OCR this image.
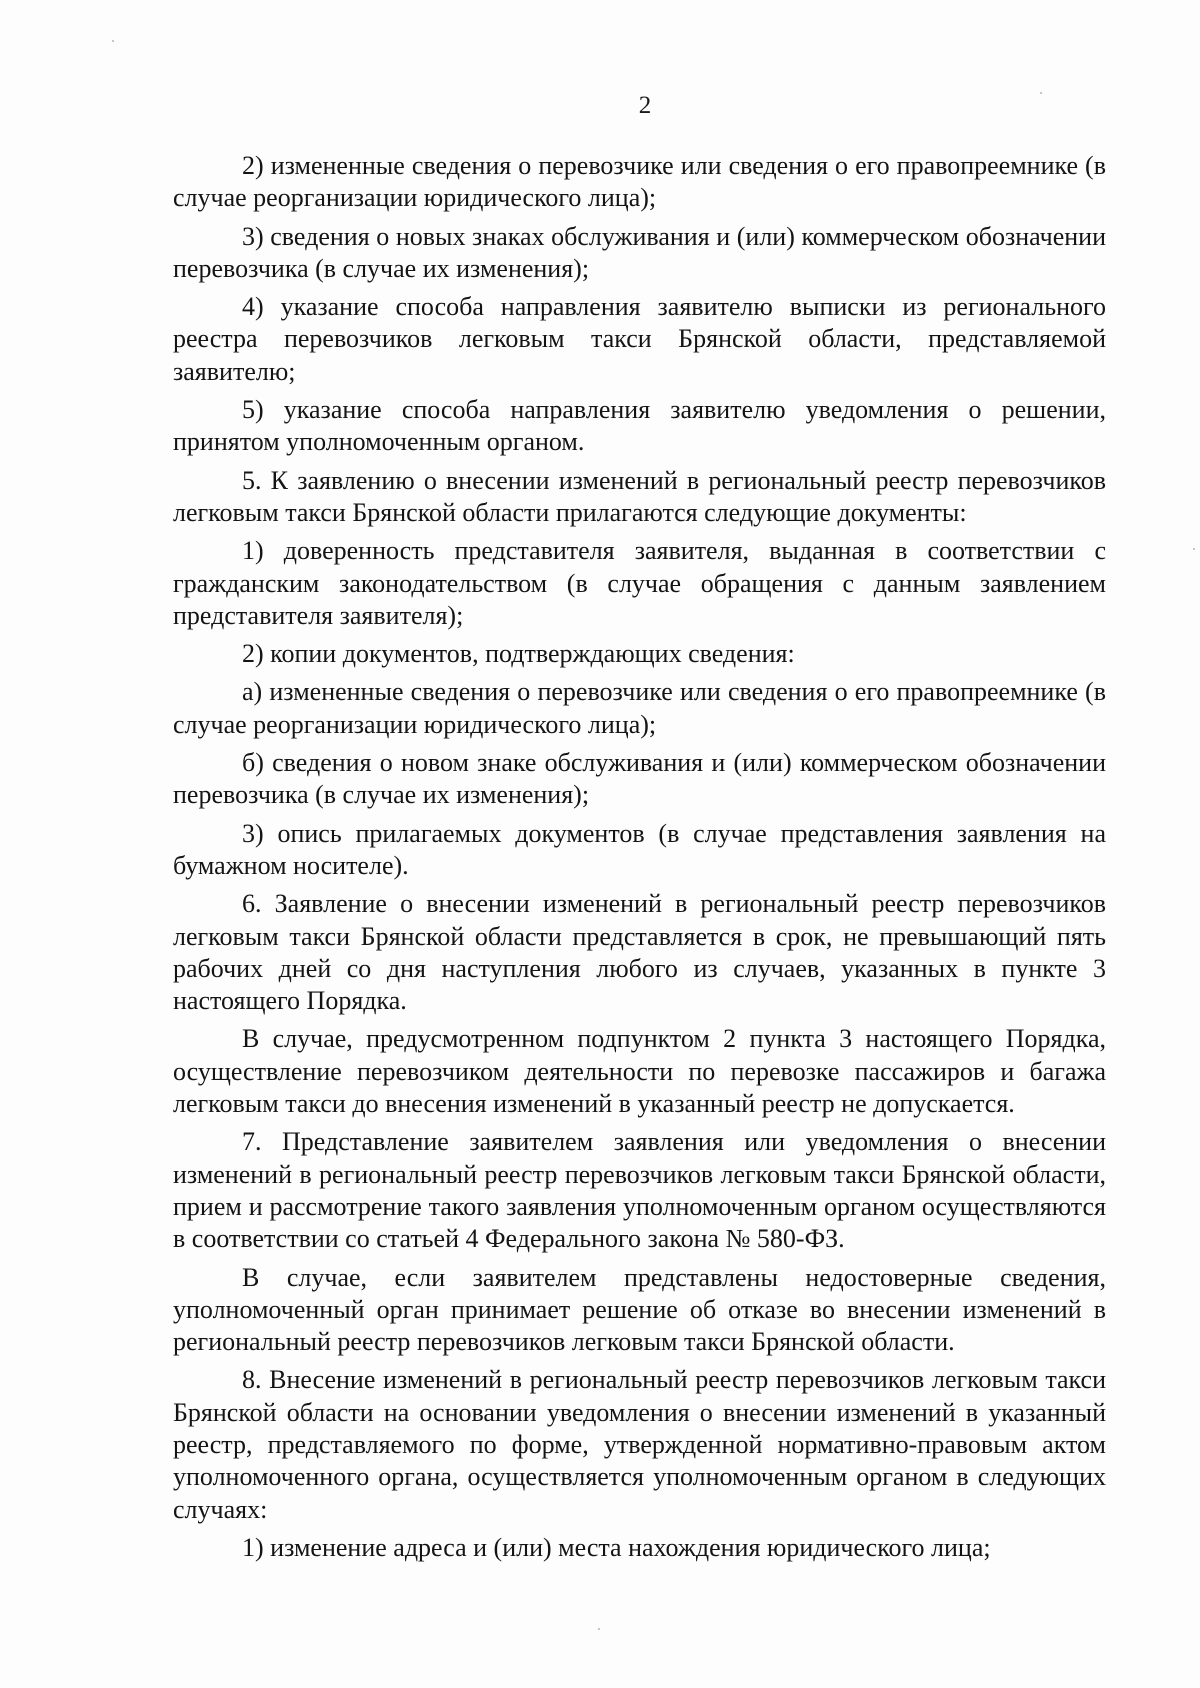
2

2) измененные сведения о перевозчике или сведения о его правопреемнике (в случае реорганизации юридического лица);

3) сведения о новых знаках обслуживания и (или) коммерческом обозначении перевозчика (в случае их изменения);

4) указание способа направления заявителю выписки из регионального реестра перевозчиков легковым такси Брянской области, представляемой заявителю;

5) указание способа направления заявителю уведомления о решении, принятом уполномоченным органом.

5. К заявлению о внесении изменений в региональный реестр перевозчиков легковым такси Брянской области прилагаются следующие документы:

1) доверенность представителя заявителя, выданная в соответствии с гражданским законодательством (в случае обращения с данным заявлением представителя заявителя);

2) копии документов, подтверждающих сведения:

а) измененные сведения о перевозчике или сведения о его правопреемнике (в случае реорганизации юридического лица);

б) сведения о новом знаке обслуживания и (или) коммерческом обозначении перевозчика (в случае их изменения);

3) опись прилагаемых документов (в случае представления заявления на бумажном носителе).

6. Заявление о внесении изменений в региональный реестр перевозчиков легковым такси Брянской области представляется в срок, не превышающий пять рабочих дней со дня наступления любого из случаев, указанных в пункте 3 настоящего Порядка.

В случае, предусмотренном подпунктом 2 пункта 3 настоящего Порядка, осуществление перевозчиком деятельности по перевозке пассажиров и багажа легковым такси до внесения изменений в указанный реестр не допускается.

7. Представление заявителем заявления или уведомления о внесении изменений в региональный реестр перевозчиков легковым такси Брянской области, прием и рассмотрение такого заявления уполномоченным органом осуществляются в соответствии со статьей 4 Федерального закона № 580-ФЗ.

В случае, если заявителем представлены недостоверные сведения, уполномоченный орган принимает решение об отказе во внесении изменений в региональный реестр перевозчиков легковым такси Брянской области.

8. Внесение изменений в региональный реестр перевозчиков легковым такси Брянской области на основании уведомления о внесении изменений в указанный реестр, представляемого по форме, утвержденной нормативно-правовым актом уполномоченного органа, осуществляется уполномоченным органом в следующих случаях:

1) изменение адреса и (или) места нахождения юридического лица;
